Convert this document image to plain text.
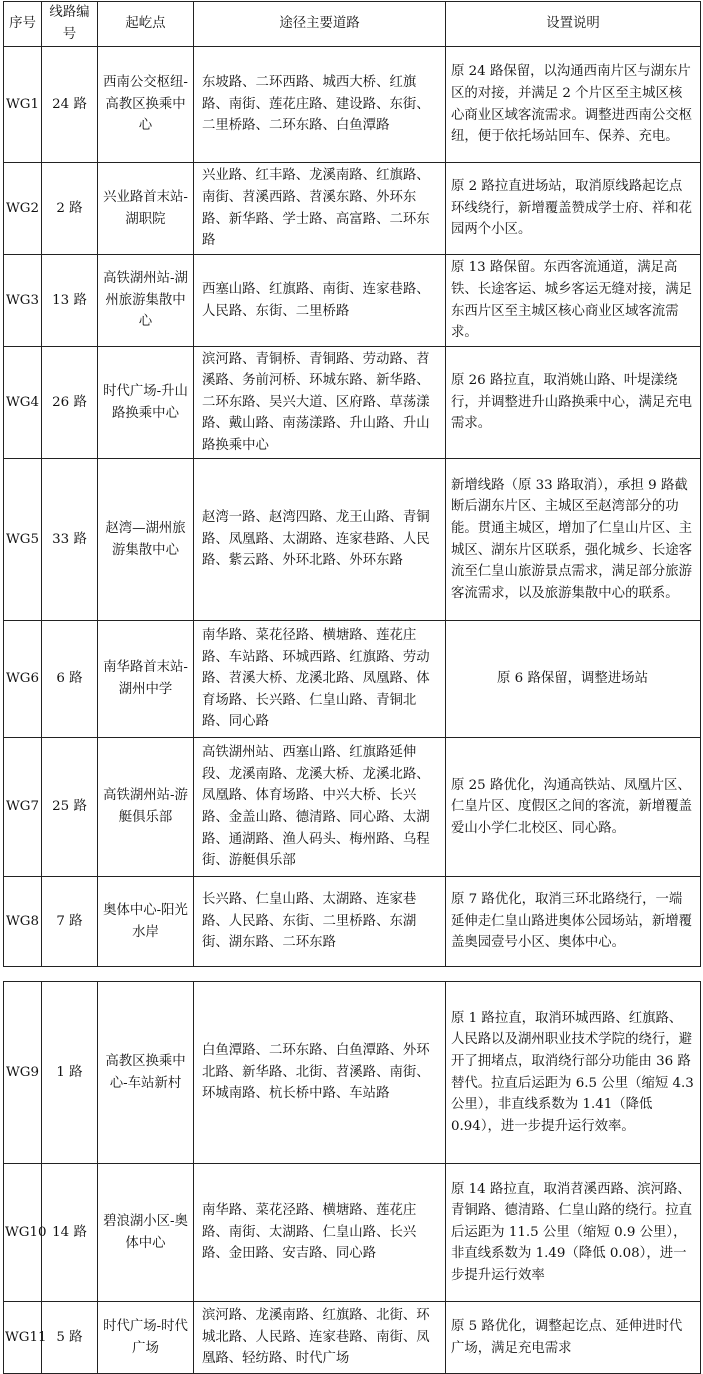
序号	线路编号	起屹点	途径主要道路	设置说明
WG1	24 路	西南公交枢纽-高教区换乘中心	东坡路、二环西路、城西大桥、红旗路、南街、莲花庄路、建设路、东街、二里桥路、二环东路、白鱼潭路	原 24 路保留，以沟通西南片区与湖东片区的对接，并满足 2 个片区至主城区核心商业区域客流需求。调整进西南公交枢纽，便于依托场站回车、保养、充电。
WG2	2 路	兴业路首末站-湖职院	兴业路、红丰路、龙溪南路、红旗路、南街、苕溪西路、苕溪东路、外环东路、新华路、学士路、高富路、二环东路	原 2 路拉直进场站，取消原线路起讫点环线绕行，新增覆盖赞成学士府、祥和花园两个小区。
WG3	13 路	高铁湖州站-湖州旅游集散中心	西塞山路、红旗路、南街、连家巷路、人民路、东街、二里桥路	原 13 路保留。东西客流通道，满足高铁、长途客运、城乡客运无缝对接，满足东西片区至主城区核心商业区域客流需求。
WG4	26 路	时代广场-升山路换乘中心	滨河路、青铜桥、青铜路、劳动路、苕溪路、务前河桥、环城东路、新华路、二环东路、吴兴大道、区府路、草荡漾路、戴山路、南荡漾路、升山路、升山路换乘中心	原 26 路拉直，取消姚山路、叶堤漾绕行，并调整进升山路换乘中心，满足充电需求。
WG5	33 路	赵湾—湖州旅游集散中心	赵湾一路、赵湾四路、龙王山路、青铜路、凤凰路、太湖路、连家巷路、人民路、紫云路、外环北路、外环东路	新增线路（原 33 路取消），承担 9 路截断后湖东片区、主城区至赵湾部分的功能。贯通主城区，增加了仁皇山片区、主城区、湖东片区联系，强化城乡、长途客流至仁皇山旅游景点需求，满足部分旅游客流需求，以及旅游集散中心的联系。
WG6	6 路	南华路首末站-湖州中学	南华路、菜花径路、横塘路、莲花庄路、车站路、环城西路、红旗路、劳动路、苕溪大桥、龙溪北路、凤凰路、体育场路、长兴路、仁皇山路、青铜北路、同心路	原 6 路保留，调整进场站
WG7	25 路	高铁湖州站-游艇俱乐部	高铁湖州站、西塞山路、红旗路延伸段、龙溪南路、龙溪大桥、龙溪北路、凤凰路、体育场路、中兴大桥、长兴路、金盖山路、德清路、同心路、太湖路、通湖路、渔人码头、梅州路、乌程街、游艇俱乐部	原 25 路优化，沟通高铁站、凤凰片区、仁皇片区、度假区之间的客流，新增覆盖爱山小学仁北校区、同心路。
WG8	7 路	奥体中心-阳光水岸	长兴路、仁皇山路、太湖路、连家巷路、人民路、东街、二里桥路、东湖街、湖东路、二环东路	原 7 路优化，取消三环北路绕行，一端延伸走仁皇山路进奥体公园场站，新增覆盖奥园壹号小区、奥体中心。
WG9	1 路	高教区换乘中心-车站新村	白鱼潭路、二环东路、白鱼潭路、外环北路、新华路、北街、苕溪路、南街、环城南路、杭长桥中路、车站路	原 1 路拉直，取消环城西路、红旗路、人民路以及湖州职业技术学院的绕行，避开了拥堵点，取消绕行部分功能由 36 路替代。拉直后运距为 6.5 公里（缩短 4.3 公里），非直线系数为 1.41（降低 0.94），进一步提升运行效率。
WG10	14 路	碧浪湖小区-奥体中心	南华路、菜花泾路、横塘路、莲花庄路、南街、太湖路、仁皇山路、长兴路、金田路、安吉路、同心路	原 14 路拉直，取消苕溪西路、滨河路、青铜路、德清路、仁皇山路的绕行。拉直后运距为 11.5 公里（缩短 0.9 公里），非直线系数为 1.49（降低 0.08），进一步提升运行效率
WG11	5 路	时代广场-时代广场	滨河路、龙溪南路、红旗路、北街、环城北路、人民路、连家巷路、南街、凤凰路、轻纺路、时代广场	原 5 路优化，调整起讫点、延伸进时代广场，满足充电需求
